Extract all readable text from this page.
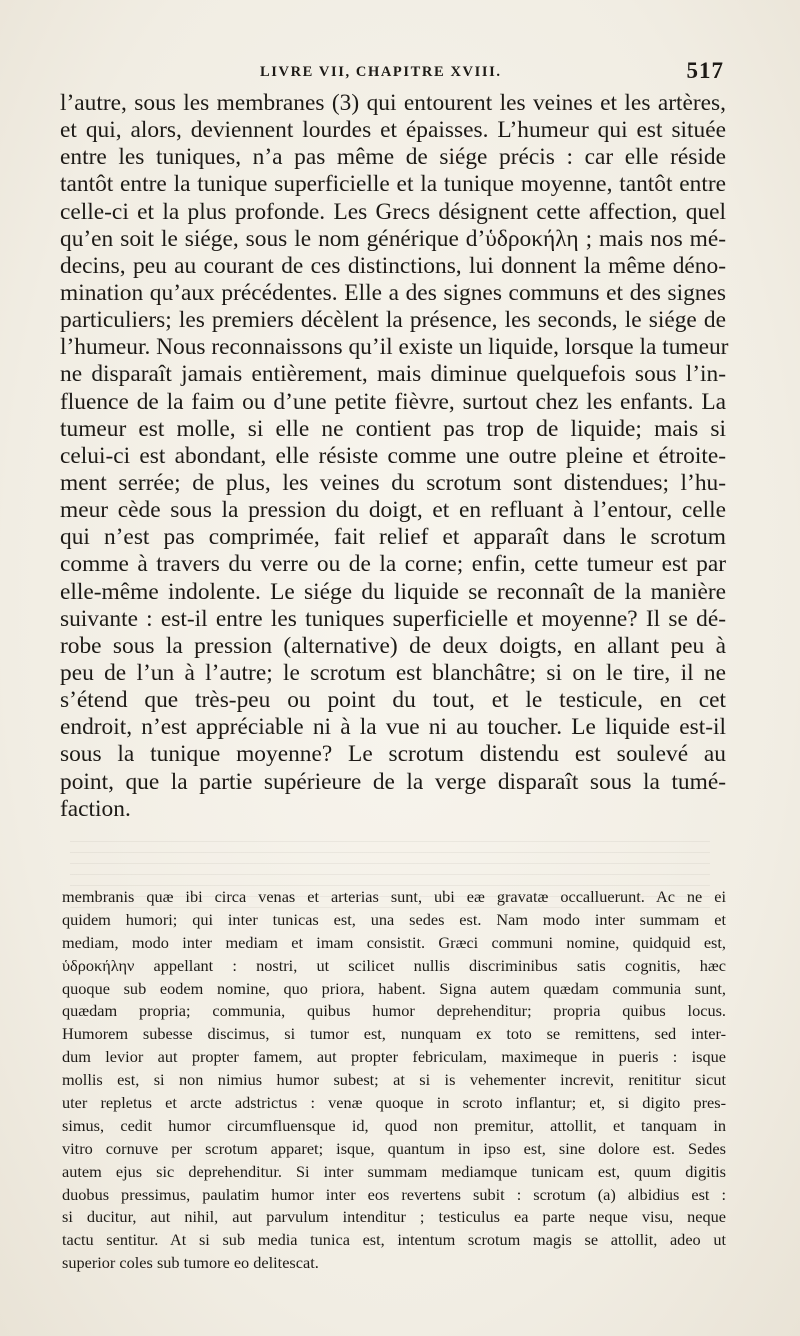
LIVRE VII, CHAPITRE XVIII.	517
l’autre, sous les membranes (3) qui entourent les veines et les artères,
et qui, alors, deviennent lourdes et épaisses. L’humeur qui est située
entre les tuniques, n’a pas même de siége précis : car elle réside
tantôt entre la tunique superficielle et la tunique moyenne, tantôt entre
celle-ci et la plus profonde. Les Grecs désignent cette affection, quel
qu’en soit le siége, sous le nom générique d’ὑδροκήλη ; mais nos mé-
decins, peu au courant de ces distinctions, lui donnent la même déno-
mination qu’aux précédentes. Elle a des signes communs et des signes
particuliers; les premiers décèlent la présence, les seconds, le siége de
l’humeur. Nous reconnaissons qu’il existe un liquide, lorsque la tumeur
ne disparaît jamais entièrement, mais diminue quelquefois sous l’in-
fluence de la faim ou d’une petite fièvre, surtout chez les enfants. La
tumeur est molle, si elle ne contient pas trop de liquide; mais si
celui-ci est abondant, elle résiste comme une outre pleine et étroite-
ment serrée; de plus, les veines du scrotum sont distendues; l’hu-
meur cède sous la pression du doigt, et en refluant à l’entour, celle
qui n’est pas comprimée, fait relief et apparaît dans le scrotum
comme à travers du verre ou de la corne; enfin, cette tumeur est par
elle-même indolente. Le siége du liquide se reconnaît de la manière
suivante : est-il entre les tuniques superficielle et moyenne? Il se dé-
robe sous la pression (alternative) de deux doigts, en allant peu à
peu de l’un à l’autre; le scrotum est blanchâtre; si on le tire, il ne
s’étend que très-peu ou point du tout, et le testicule, en cet
endroit, n’est appréciable ni à la vue ni au toucher. Le liquide est-il
sous la tunique moyenne? Le scrotum distendu est soulevé au
point, que la partie supérieure de la verge disparaît sous la tumé-
faction.
membranis quæ ibi circa venas et arterias sunt, ubi eæ gravatæ occalluerunt. Ac ne ei
quidem humori; qui inter tunicas est, una sedes est. Nam modo inter summam et
mediam, modo inter mediam et imam consistit. Græci communi nomine, quidquid est,
ὑδροκήλην appellant : nostri, ut scilicet nullis discriminibus satis cognitis, hæc
quoque sub eodem nomine, quo priora, habent. Signa autem quædam communia sunt,
quædam propria; communia, quibus humor deprehenditur; propria quibus locus.
Humorem subesse discimus, si tumor est, nunquam ex toto se remittens, sed inter-
dum levior aut propter famem, aut propter febriculam, maximeque in pueris : isque
mollis est, si non nimius humor subest; at si is vehementer increvit, renititur sicut
uter repletus et arcte adstrictus : venæ quoque in scroto inflantur; et, si digito pres-
simus, cedit humor circumfluensque id, quod non premitur, attollit, et tanquam in
vitro cornuve per scrotum apparet; isque, quantum in ipso est, sine dolore est. Sedes
autem ejus sic deprehenditur. Si inter summam mediamque tunicam est, quum digitis
duobus pressimus, paulatim humor inter eos revertens subit : scrotum (a) albidius est :
si ducitur, aut nihil, aut parvulum intenditur ; testiculus ea parte neque visu, neque
tactu sentitur. At si sub media tunica est, intentum scrotum magis se attollit, adeo ut
superior coles sub tumore eo delitescat.
